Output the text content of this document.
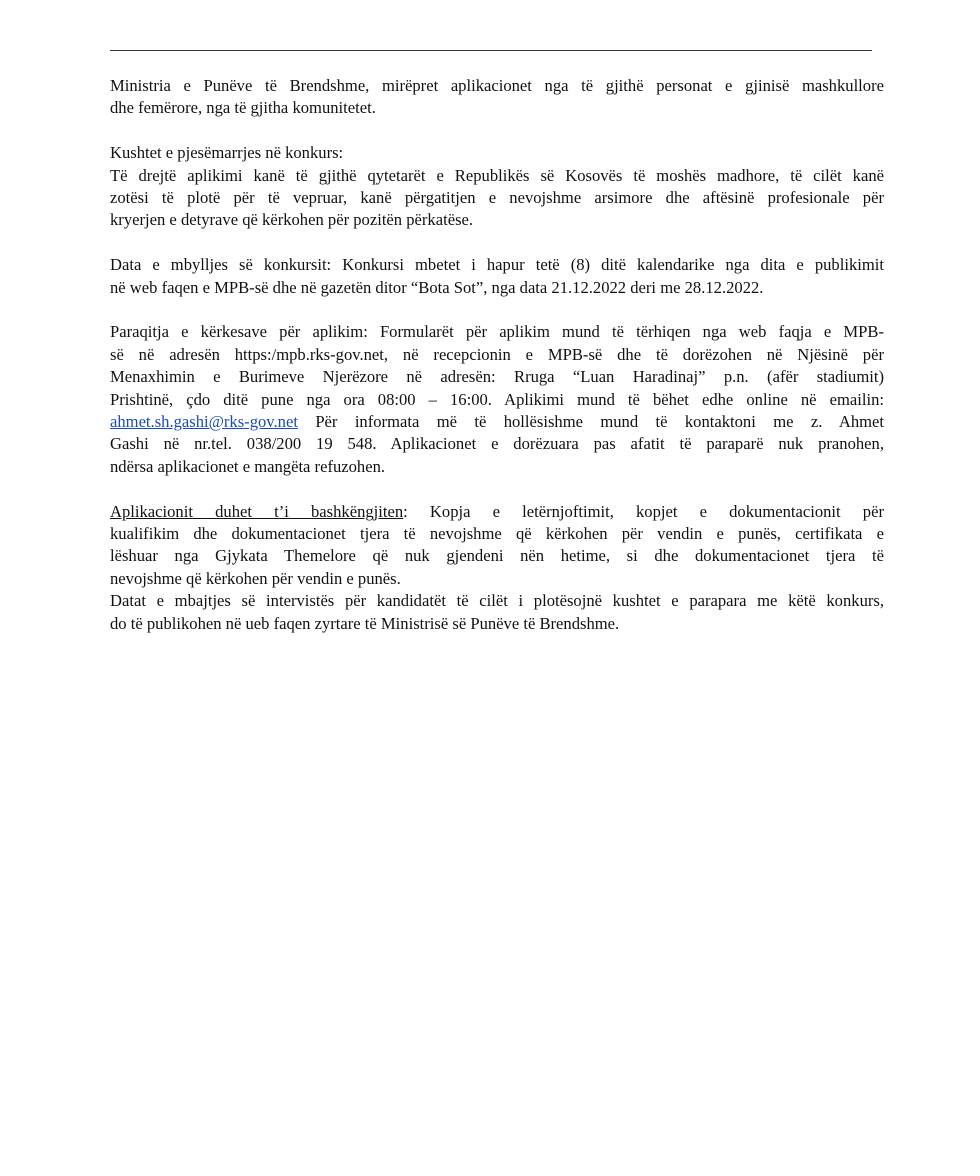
Ministria e Punëve të Brendshme, mirëpret aplikacionet nga të gjithë personat e gjinisë mashkullore
dhe femërore, nga të gjitha komunitetet.

Kushtet e pjesëmarrjes në konkurs:
Të drejtë aplikimi kanë të gjithë qytetarët e Republikës së Kosovës të moshës madhore, të cilët kanë
zotësi të plotë për të vepruar, kanë përgatitjen e nevojshme arsimore dhe aftësinë profesionale për
kryerjen e detyrave që kërkohen për pozitën përkatëse.

Data e mbylljes së konkursit: Konkursi mbetet i hapur tetë (8) ditë kalendarike nga dita e publikimit
në web faqen e MPB-së dhe në gazetën ditor “Bota Sot”, nga data 21.12.2022 deri me 28.12.2022.

Paraqitja e kërkesave për aplikim: Formularët për aplikim mund të tërhiqen nga web faqja e MPB-
së në adresën https:/mpb.rks-gov.net, në recepcionin e MPB-së dhe të dorëzohen në Njësinë për
Menaxhimin e Burimeve Njerëzore në adresën: Rruga “Luan Haradinaj” p.n. (afër stadiumit)
Prishtinë, çdo ditë pune nga ora 08:00 – 16:00. Aplikimi mund të bëhet edhe online në emailin:
ahmet.sh.gashi@rks-gov.net Për informata më të hollësishme mund të kontaktoni me z. Ahmet
Gashi në nr.tel. 038/200 19 548. Aplikacionet e dorëzuara pas afatit të paraparë nuk pranohen,
ndërsa aplikacionet e mangëta refuzohen.

Aplikacionit duhet t’i bashkëngjiten: Kopja e letërnjoftimit, kopjet e dokumentacionit për
kualifikim dhe dokumentacionet tjera të nevojshme që kërkohen për vendin e punës, certifikata e
lëshuar nga Gjykata Themelore që nuk gjendeni nën hetime, si dhe dokumentacionet tjera të
nevojshme që kërkohen për vendin e punës.

Datat e mbajtjes së intervistës për kandidatët të cilët i plotësojnë kushtet e parapara me këtë konkurs,
do të publikohen në ueb faqen zyrtare të Ministrisë së Punëve të Brendshme.
